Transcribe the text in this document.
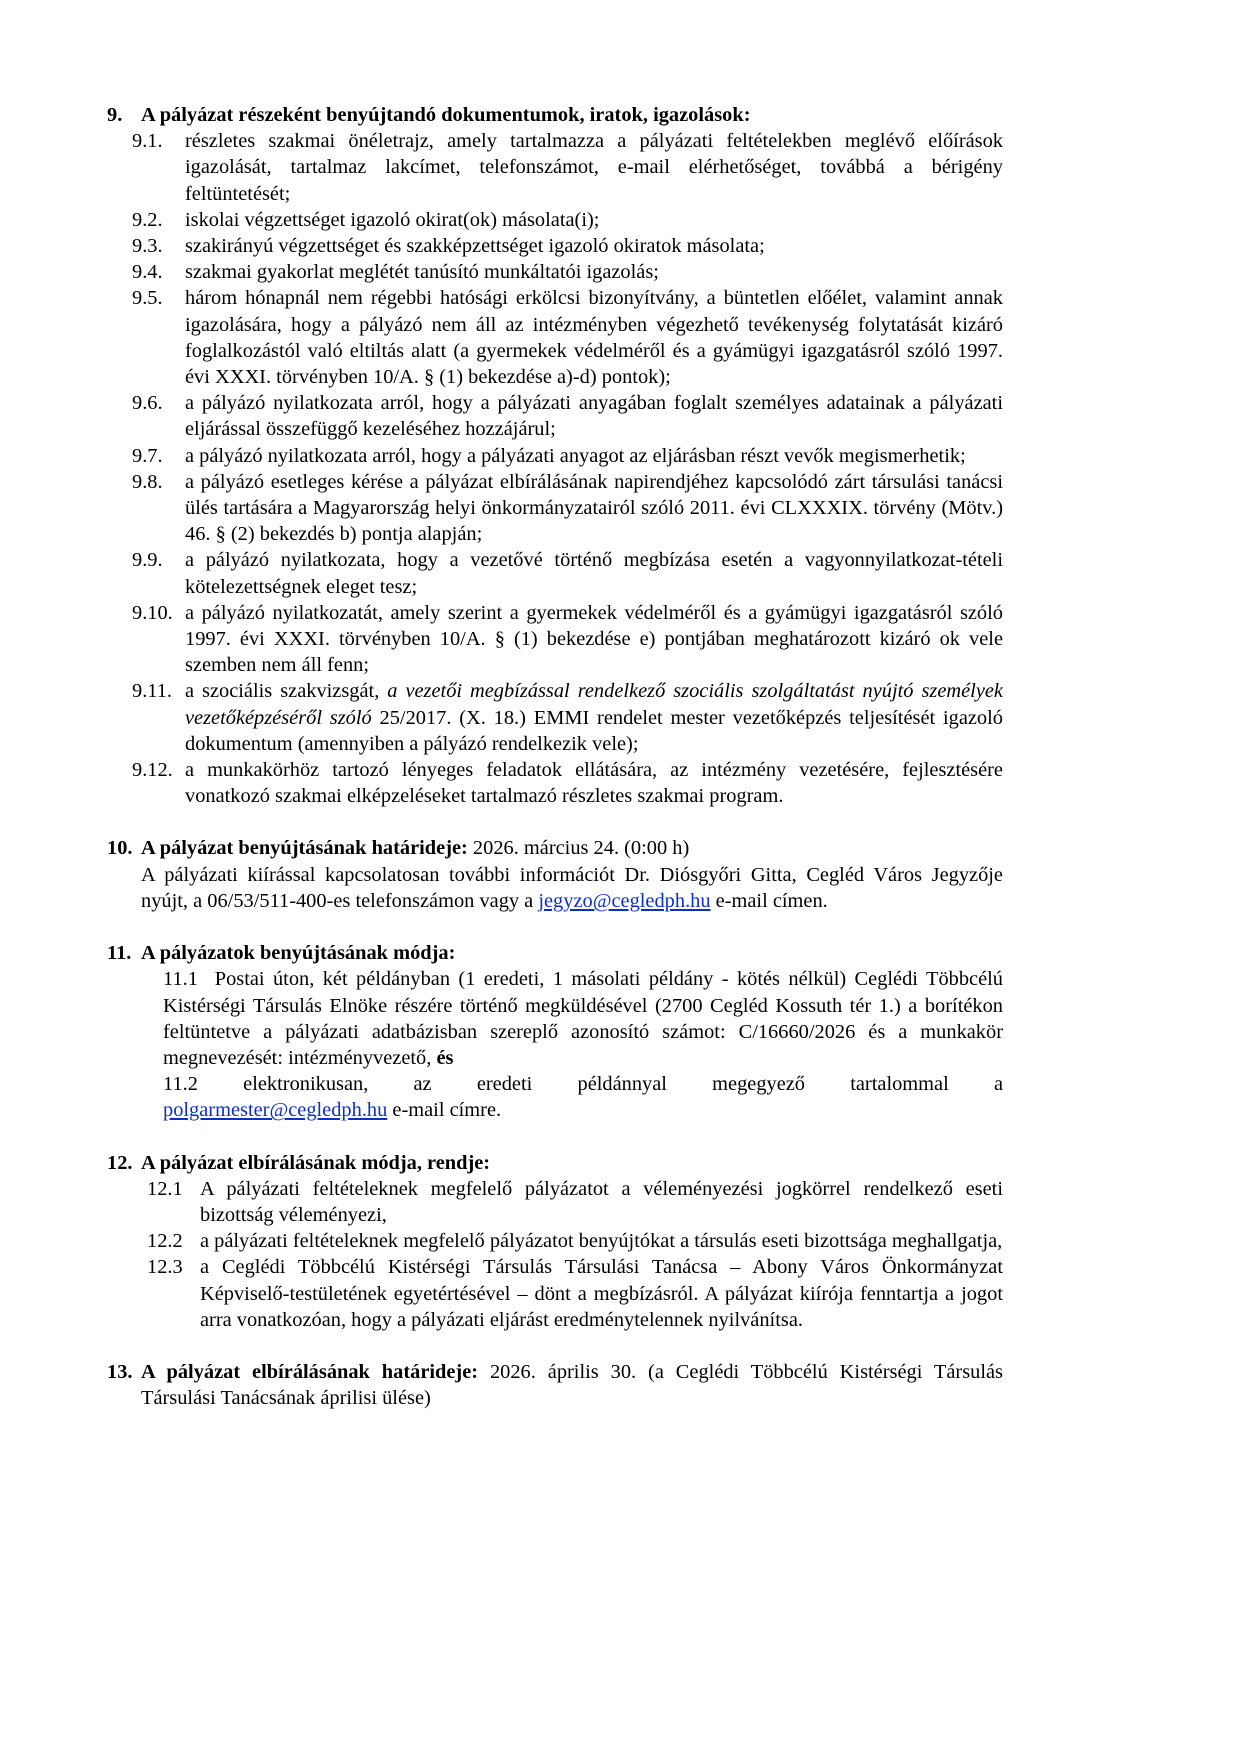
9. A pályázat részeként benyújtandó dokumentumok, iratok, igazolások:
9.1. részletes szakmai önéletrajz, amely tartalmazza a pályázati feltételekben meglévő előírások igazolását, tartalmaz lakcímet, telefonszámot, e-mail elérhetőséget, továbbá a bérigény feltüntetését;
9.2. iskolai végzettséget igazoló okirat(ok) másolata(i);
9.3. szakirányú végzettséget és szakképzettséget igazoló okiratok másolata;
9.4. szakmai gyakorlat meglétét tanúsító munkáltatói igazolás;
9.5. három hónapnál nem régebbi hatósági erkölcsi bizonyítvány, a büntetlen előélet, valamint annak igazolására, hogy a pályázó nem áll az intézményben végezhető tevékenység folytatását kizáró foglalkozástól való eltiltás alatt (a gyermekek védelméről és a gyámügyi igazgatásról szóló 1997. évi XXXI. törvényben 10/A. § (1) bekezdése a)-d) pontok);
9.6. a pályázó nyilatkozata arról, hogy a pályázati anyagában foglalt személyes adatainak a pályázati eljárással összefüggő kezeléséhez hozzájárul;
9.7. a pályázó nyilatkozata arról, hogy a pályázati anyagot az eljárásban részt vevők megismerhetik;
9.8. a pályázó esetleges kérése a pályázat elbírálásának napirendjéhez kapcsolódó zárt társulási tanácsi ülés tartására a Magyarország helyi önkormányzatairól szóló 2011. évi CLXXXIX. törvény (Mötv.) 46. § (2) bekezdés b) pontja alapján;
9.9. a pályázó nyilatkozata, hogy a vezetővé történő megbízása esetén a vagyonnyilatkozat-tételi kötelezettségnek eleget tesz;
9.10. a pályázó nyilatkozatát, amely szerint a gyermekek védelméről és a gyámügyi igazgatásról szóló 1997. évi XXXI. törvényben 10/A. § (1) bekezdése e) pontjában meghatározott kizáró ok vele szemben nem áll fenn;
9.11. a szociális szakvizsgát, a vezetői megbízással rendelkező szociális szolgáltatást nyújtó személyek vezetőképzéséről szóló 25/2017. (X. 18.) EMMI rendelet mester vezetőképzés teljesítését igazoló dokumentum (amennyiben a pályázó rendelkezik vele);
9.12. a munkakörhöz tartozó lényeges feladatok ellátására, az intézmény vezetésére, fejlesztésére vonatkozó szakmai elképzeléseket tartalmazó részletes szakmai program.
10. A pályázat benyújtásának határideje: 2026. március 24. (0:00 h)
A pályázati kiírással kapcsolatosan további információt Dr. Diósgyőri Gitta, Cegléd Város Jegyzője nyújt, a 06/53/511-400-es telefonszámon vagy a jegyzo@cegledph.hu e-mail címen.
11. A pályázatok benyújtásának módja:
11.1  Postai úton, két példányban (1 eredeti, 1 másolati példány - kötés nélkül) Ceglédi Többcélú Kistérségi Társulás Elnöke részére történő megküldésével (2700 Cegléd Kossuth tér 1.) a borítékon feltüntetve a pályázati adatbázisban szereplő azonosító számot: C/16660/2026 és a munkakör megnevezését: intézményvezető, és
11.2 elektronikusan, az eredeti példánnyal megegyező tartalommal a
polgarmester@cegledph.hu e-mail címre.
12. A pályázat elbírálásának módja, rendje:
12.1 A pályázati feltételeknek megfelelő pályázatot a véleményezési jogkörrel rendelkező eseti bizottság véleményezi,
12.2 a pályázati feltételeknek megfelelő pályázatot benyújtókat a társulás eseti bizottsága meghallgatja,
12.3 a Ceglédi Többcélú Kistérségi Társulás Társulási Tanácsa – Abony Város Önkormányzat Képviselő-testületének egyetértésével – dönt a megbízásról. A pályázat kiírója fenntartja a jogot arra vonatkozóan, hogy a pályázati eljárást eredménytelennek nyilvánítsa.
13. A pályázat elbírálásának határideje: 2026. április 30. (a Ceglédi Többcélú Kistérségi Társulás Társulási Tanácsának áprilisi ülése)
